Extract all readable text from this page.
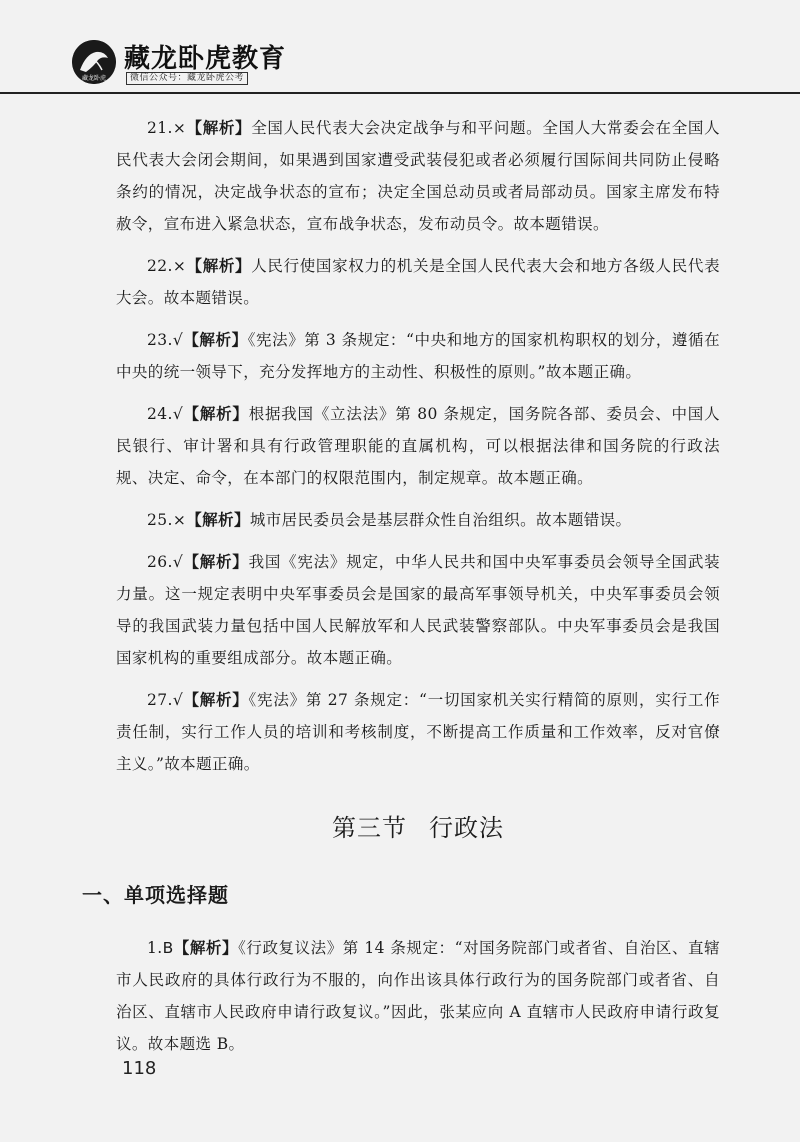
藏龙卧虎
藏龙卧虎教育
微信公众号：藏龙卧虎公考

21.×【解析】全国人民代表大会决定战争与和平问题。全国人大常委会在全国人民代表大会闭会期间，如果遇到国家遭受武装侵犯或者必须履行国际间共同防止侵略条约的情况，决定战争状态的宣布；决定全国总动员或者局部动员。国家主席发布特赦令，宣布进入紧急状态，宣布战争状态，发布动员令。故本题错误。

22.×【解析】人民行使国家权力的机关是全国人民代表大会和地方各级人民代表大会。故本题错误。

23.√【解析】《宪法》第 3 条规定：“中央和地方的国家机构职权的划分，遵循在中央的统一领导下，充分发挥地方的主动性、积极性的原则。”故本题正确。

24.√【解析】根据我国《立法法》第 80 条规定，国务院各部、委员会、中国人民银行、审计署和具有行政管理职能的直属机构，可以根据法律和国务院的行政法规、决定、命令，在本部门的权限范围内，制定规章。故本题正确。

25.×【解析】城市居民委员会是基层群众性自治组织。故本题错误。

26.√【解析】我国《宪法》规定，中华人民共和国中央军事委员会领导全国武装力量。这一规定表明中央军事委员会是国家的最高军事领导机关，中央军事委员会领导的我国武装力量包括中国人民解放军和人民武装警察部队。中央军事委员会是我国国家机构的重要组成部分。故本题正确。

27.√【解析】《宪法》第 27 条规定：“一切国家机关实行精简的原则，实行工作责任制，实行工作人员的培训和考核制度，不断提高工作质量和工作效率，反对官僚主义。”故本题正确。

第三节 行政法
一、单项选择题

1.B【解析】《行政复议法》第 14 条规定：“对国务院部门或者省、自治区、直辖市人民政府的具体行政行为不服的，向作出该具体行政行为的国务院部门或者省、自治区、直辖市人民政府申请行政复议。”因此，张某应向 A 直辖市人民政府申请行政复议。故本题选 B。

118
